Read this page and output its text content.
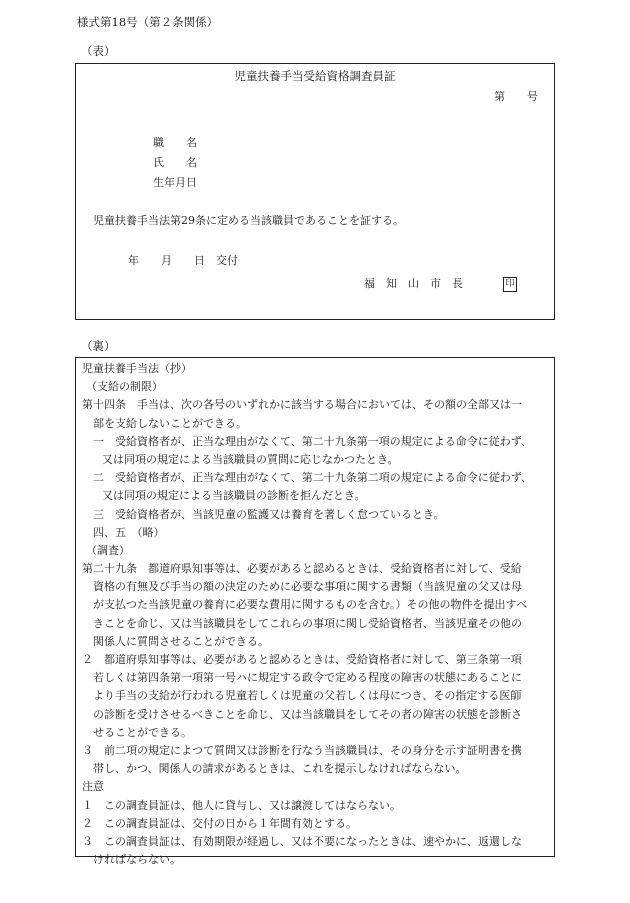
様式第18号（第２条関係）
（表）
児童扶養手当受給資格調査員証
第　　号
職　　名
氏　　名
生年月日
児童扶養手当法第29条に定める当該職員であることを証する。
年　　月　　日　交付
福　知　山　市　長	印
（裏）
児童扶養手当法（抄）
（支給の制限）
第十四条　手当は、次の各号のいずれかに該当する場合においては、その額の全部又は一
部を支給しないことができる。
一　受給資格者が、正当な理由がなくて、第二十九条第一項の規定による命令に従わず、
又は同項の規定による当該職員の質問に応じなかつたとき。
二　受給資格者が、正当な理由がなくて、第二十九条第二項の規定による命令に従わず、
又は同項の規定による当該職員の診断を拒んだとき。
三　受給資格者が、当該児童の監護又は養育を著しく怠つているとき。
四、五　（略）
（調査）
第二十九条　都道府県知事等は、必要があると認めるときは、受給資格者に対して、受給
資格の有無及び手当の額の決定のために必要な事項に関する書類（当該児童の父又は母
が支払つた当該児童の養育に必要な費用に関するものを含む。）その他の物件を提出すべ
きことを命じ、又は当該職員をしてこれらの事項に関し受給資格者、当該児童その他の
関係人に質問させることができる。
２　都道府県知事等は、必要があると認めるときは、受給資格者に対して、第三条第一項
若しくは第四条第一項第一号ハに規定する政令で定める程度の障害の状態にあることに
より手当の支給が行われる児童若しくは児童の父若しくは母につき、その指定する医師
の診断を受けさせるべきことを命じ、又は当該職員をしてその者の障害の状態を診断さ
せることができる。
３　前二項の規定によつて質問又は診断を行なう当該職員は、その身分を示す証明書を携
帯し、かつ、関係人の請求があるときは、これを提示しなければならない。
注意
１　この調査員証は、他人に貸与し、又は譲渡してはならない。
２　この調査員証は、交付の日から１年間有効とする。
３　この調査員証は、有効期限が経過し、又は不要になったときは、速やかに、返還しな
ければならない。
